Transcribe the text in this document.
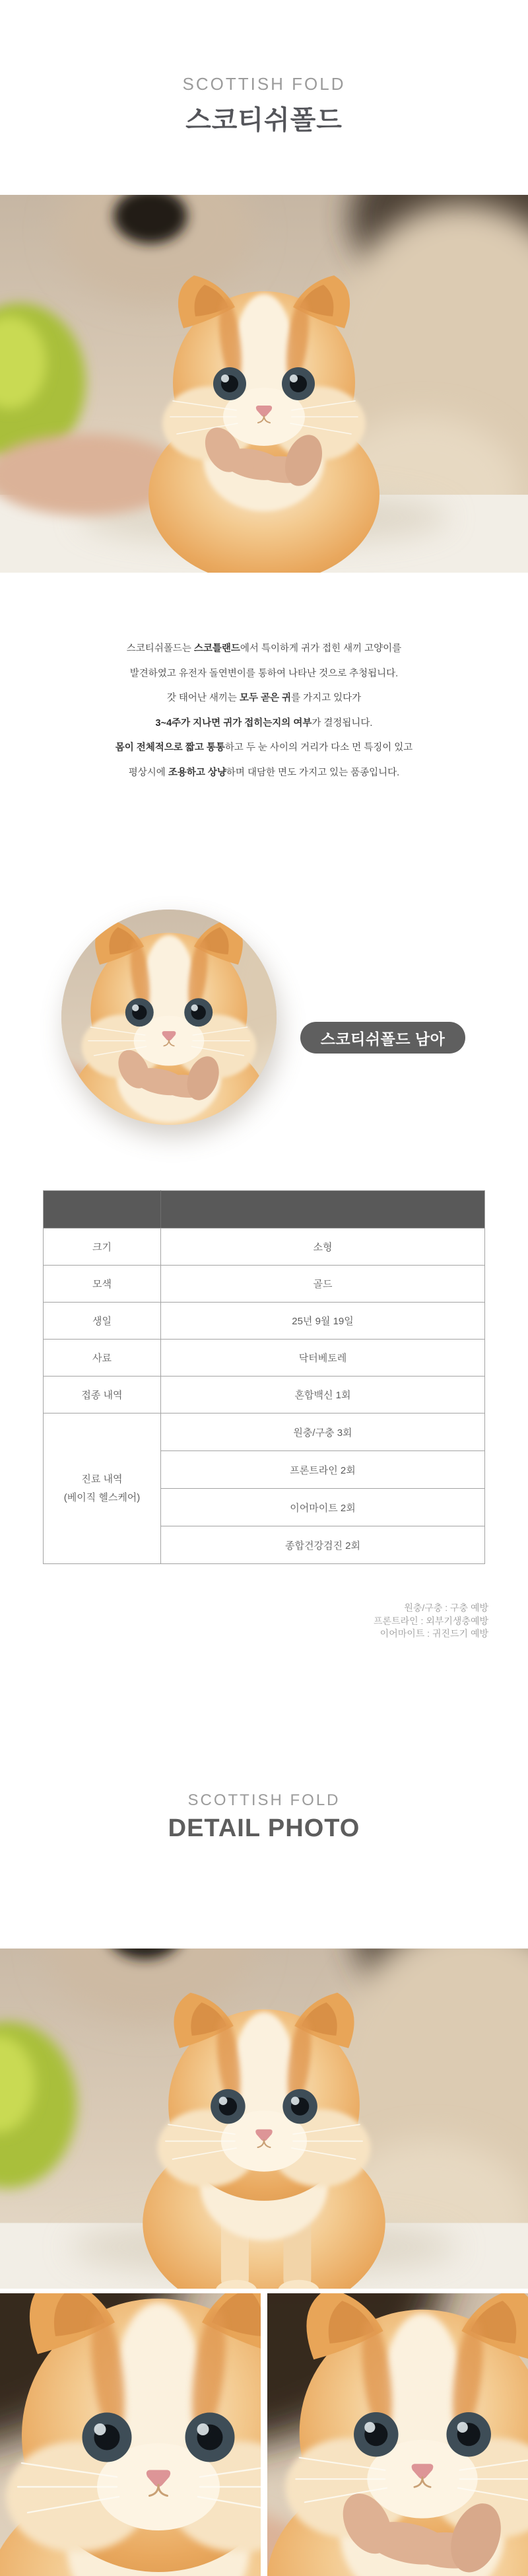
SCOTTISH FOLD
스코티쉬폴드
스코티쉬폴드는 스코틀랜드에서 특이하게 귀가 접힌 새끼 고양이를
발견하였고 유전자 돌연변이를 통하여 나타난 것으로 추청됩니다.
갓 태어난 새끼는 모두 곧은 귀를 가지고 있다가
3~4주가 지나면 귀가 접히는지의 여부가 결정됩니다.
몸이 전체적으로 짧고 통통하고 두 눈 사이의 거리가 다소 먼 특징이 있고
평상시에 조용하고 상냥하며 대담한 면도 가지고 있는 품종입니다.
스코티쉬폴드 남아

크기	소형
모색	골드
생일	25년 9월 19일
사료	닥터베토레
접종 내역	혼합백신 1회
진료 내역
(베이직 헬스케어)	원충/구충 3회
	프론트라인 2회
	이어마이트 2회
	종합건강검진 2회
원충/구충 : 구충 예방
프론트라인 : 외부기생충예방
이어마이트 : 귀진드기 예방
SCOTTISH FOLD
DETAIL PHOTO
